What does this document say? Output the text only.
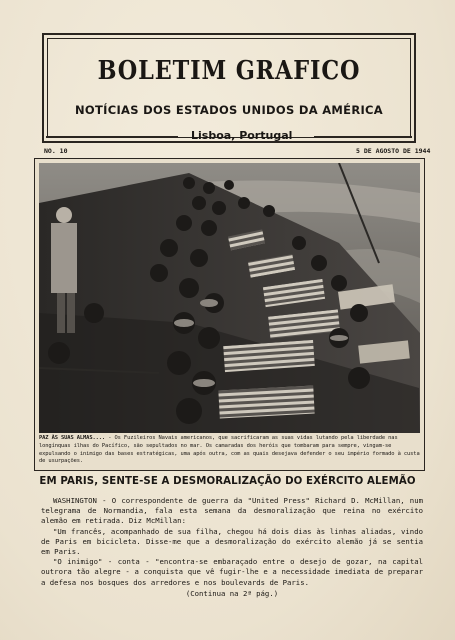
BOLETIM GRAFICO
NOTÍCIAS DOS ESTADOS UNIDOS DA AMÉRICA
Lisboa, Portugal
NO. 10	5 DE AGOSTO DE 1944
PAZ ÀS SUAS ALMAS.... - Os Fuzileiros Navais americanos, que sacrificaram as suas vidas lutando pela liberdade nas longínquas ilhas do Pacífico, são sepultados no mar. Os camaradas dos heróis que tombaram para sempre, vingam-se expulsando o inimigo das bases estratégicas, uma após outra, com as quais desejava defender o seu império formado à custa de usurpações.
EM PARIS, SENTE-SE A DESMORALIZAÇÃO DO EXÉRCITO ALEMÃO

WASHINGTON - O correspondente de guerra da "United Press" Richard D. McMillan, num telegrama de Normandia, fala esta semana da desmoralização que reina no exército alemão em retirada. Diz McMillan:

"Um francês, acompanhado de sua filha, chegou há dois dias às linhas aliadas, vindo de Paris em bicicleta. Disse-me que a desmoralização do exército alemão já se sentia em Paris.

"O inimigo" - conta - "encontra-se embaraçado entre o desejo de gozar, na capital outrora tão alegre - a conquista que vê fugir-lhe e a necessidade imediata de preparar a defesa nos bosques dos arredores e nos boulevards de Paris.

(Continua na 2ª pág.)
